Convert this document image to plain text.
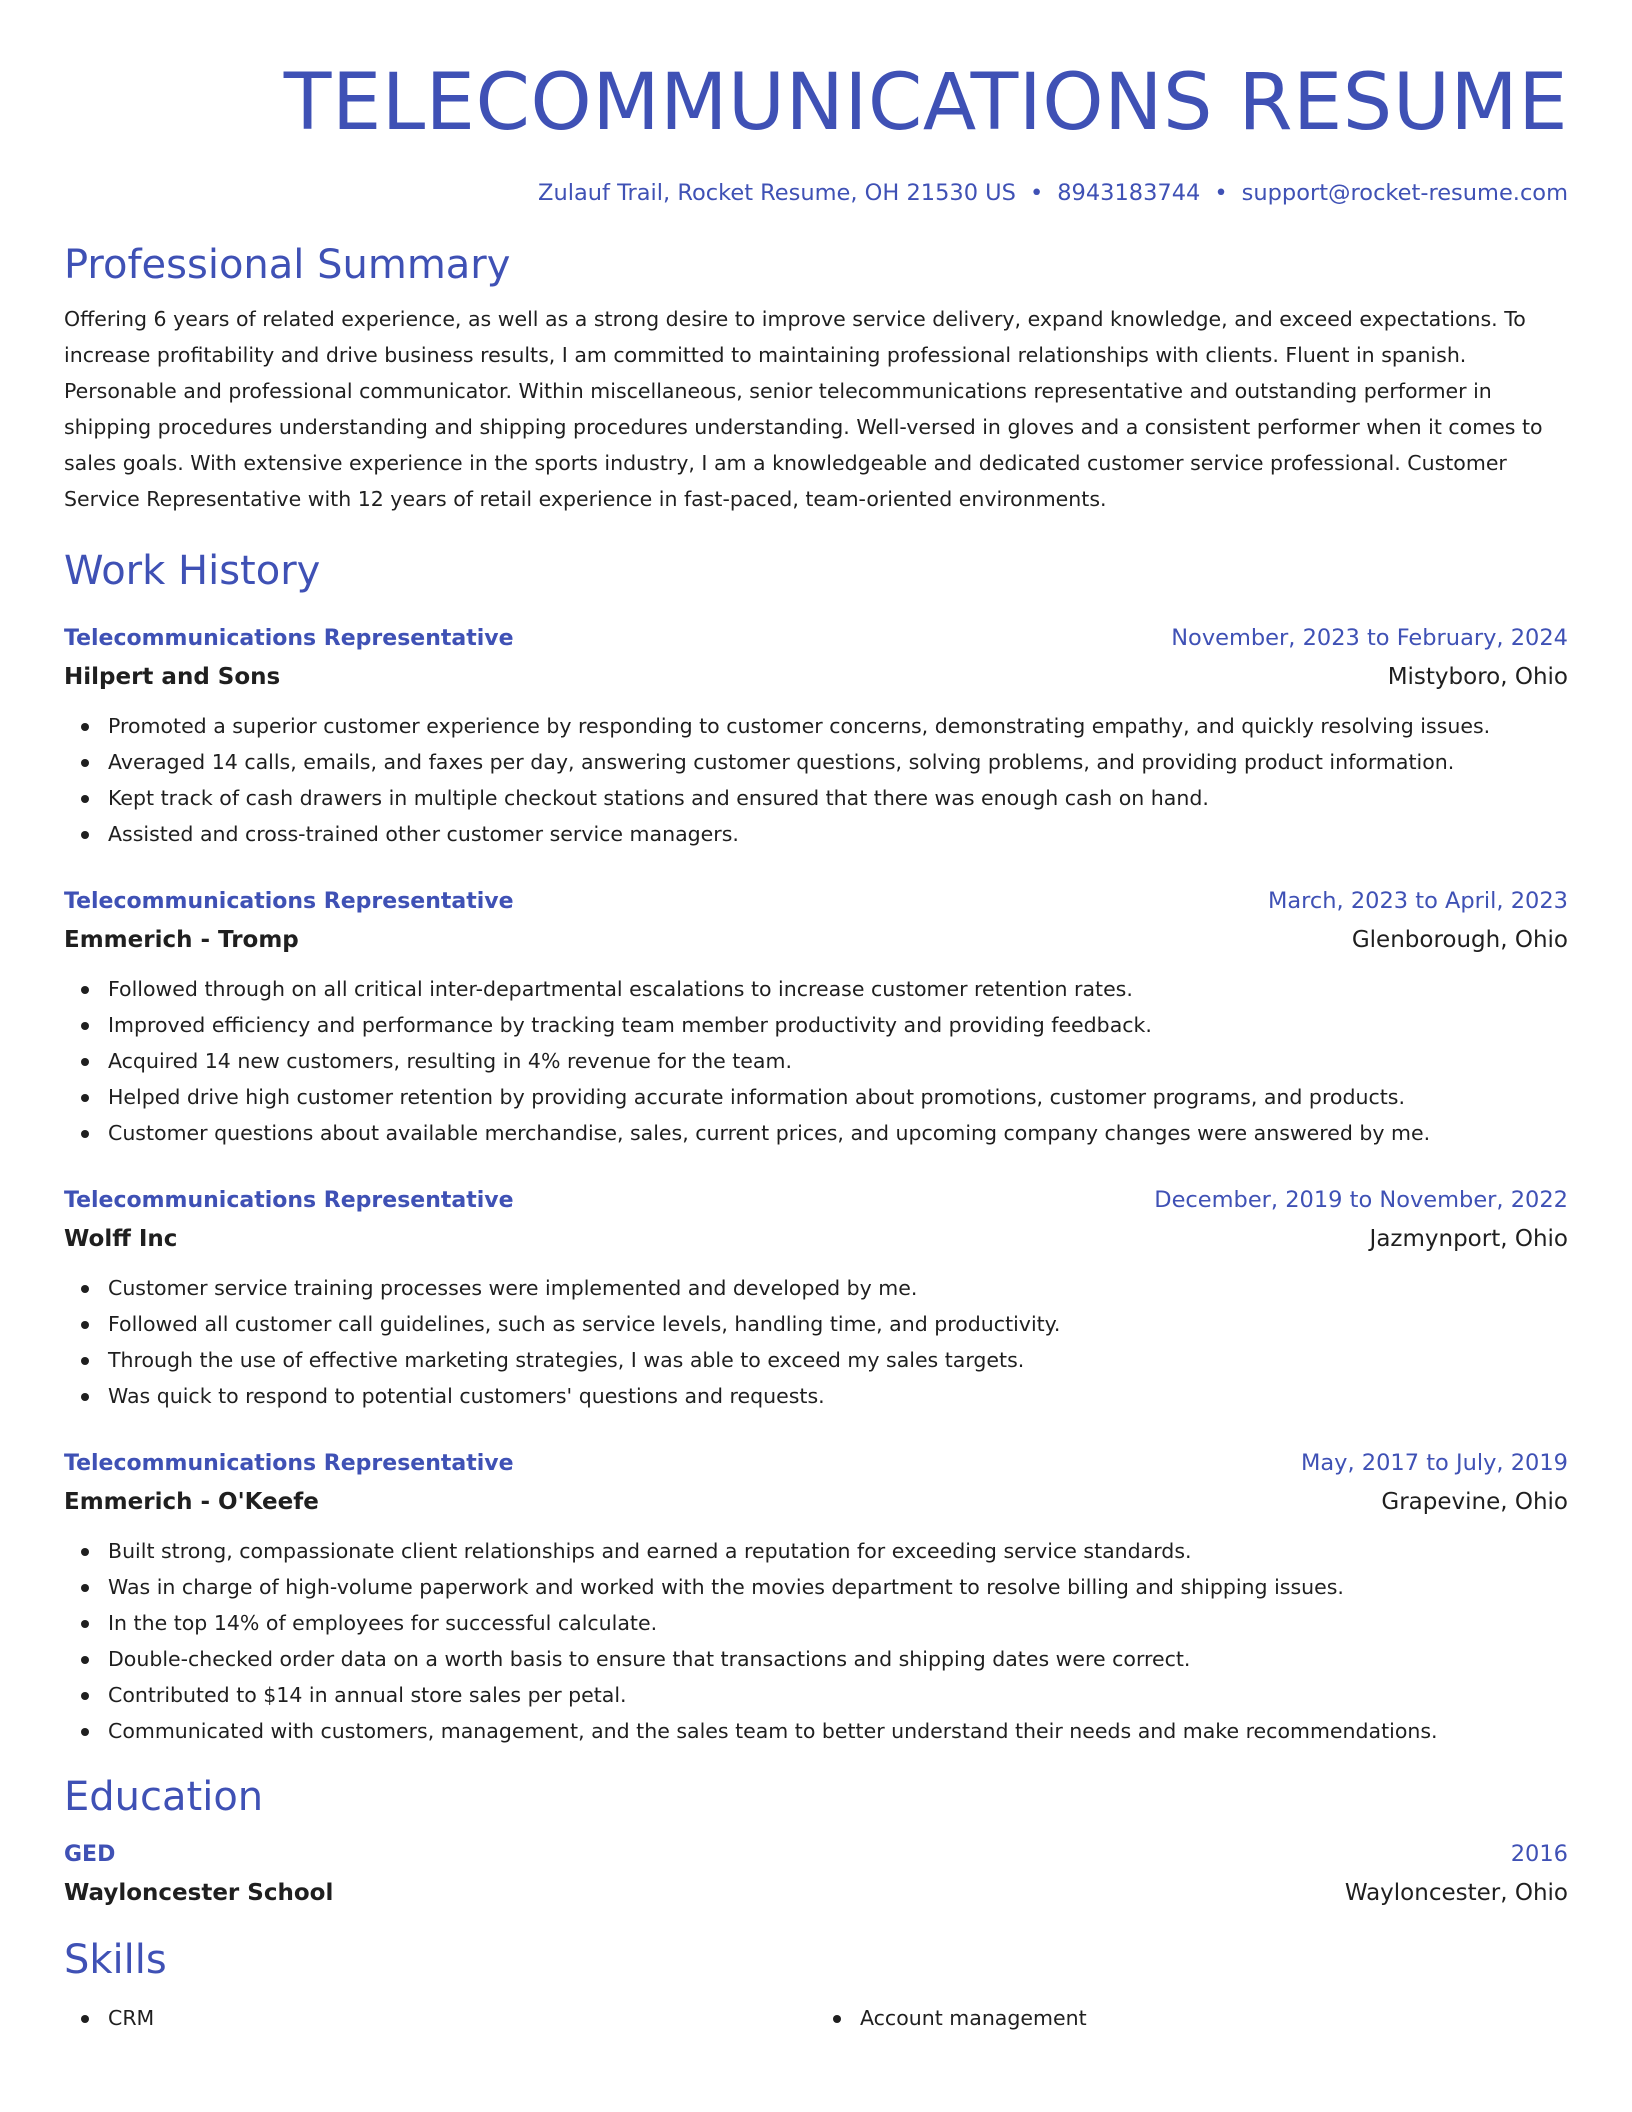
TELECOMMUNICATIONS RESUME
Zulauf Trail, Rocket Resume, OH 21530 US • 8943183744 • support@rocket-resume.com
Professional Summary

Offering 6 years of related experience, as well as a strong desire to improve service delivery, expand knowledge, and exceed expectations. To increase profitability and drive business results, I am committed to maintaining professional relationships with clients. Fluent in spanish. Personable and professional communicator. Within miscellaneous, senior telecommunications representative and outstanding performer in shipping procedures understanding and shipping procedures understanding. Well-versed in gloves and a consistent performer when it comes to sales goals. With extensive experience in the sports industry, I am a knowledgeable and dedicated customer service professional. Customer Service Representative with 12 years of retail experience in fast-paced, team-oriented environments.

Work History
Telecommunications Representative	November, 2023 to February, 2024
Hilpert and Sons	Mistyboro, Ohio
Promoted a superior customer experience by responding to customer concerns, demonstrating empathy, and quickly resolving issues.
Averaged 14 calls, emails, and faxes per day, answering customer questions, solving problems, and providing product information.
Kept track of cash drawers in multiple checkout stations and ensured that there was enough cash on hand.
Assisted and cross-trained other customer service managers.
Telecommunications Representative	March, 2023 to April, 2023
Emmerich - Tromp	Glenborough, Ohio
Followed through on all critical inter-departmental escalations to increase customer retention rates.
Improved efficiency and performance by tracking team member productivity and providing feedback.
Acquired 14 new customers, resulting in 4% revenue for the team.
Helped drive high customer retention by providing accurate information about promotions, customer programs, and products.
Customer questions about available merchandise, sales, current prices, and upcoming company changes were answered by me.
Telecommunications Representative	December, 2019 to November, 2022
Wolff Inc	Jazmynport, Ohio
Customer service training processes were implemented and developed by me.
Followed all customer call guidelines, such as service levels, handling time, and productivity.
Through the use of effective marketing strategies, I was able to exceed my sales targets.
Was quick to respond to potential customers' questions and requests.
Telecommunications Representative	May, 2017 to July, 2019
Emmerich - O'Keefe	Grapevine, Ohio
Built strong, compassionate client relationships and earned a reputation for exceeding service standards.
Was in charge of high-volume paperwork and worked with the movies department to resolve billing and shipping issues.
In the top 14% of employees for successful calculate.
Double-checked order data on a worth basis to ensure that transactions and shipping dates were correct.
Contributed to $14 in annual store sales per petal.
Communicated with customers, management, and the sales team to better understand their needs and make recommendations.
Education
GED	2016
Wayloncester School	Wayloncester, Ohio
Skills
CRM	Account management
